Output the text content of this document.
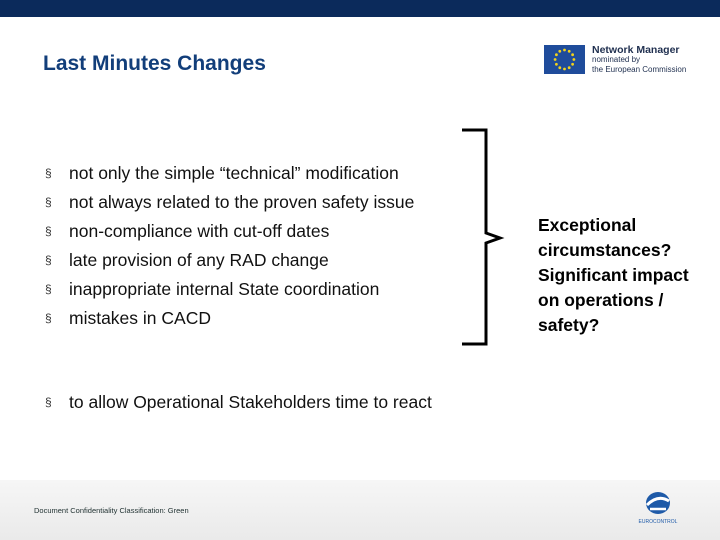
Last Minutes Changes
Network Manager
nominated by
the European Commission
§ not only the simple “technical” modification
§ not always related to the proven safety issue
§ non-compliance with cut-off dates
§ late provision of any RAD change
§ inappropriate internal State coordination
§ mistakes in CACD
Exceptional
circumstances?
Significant impact
on operations /
safety?
§ to allow Operational Stakeholders time to react
Document Confidentiality Classification: Green
EUROCONTROL
